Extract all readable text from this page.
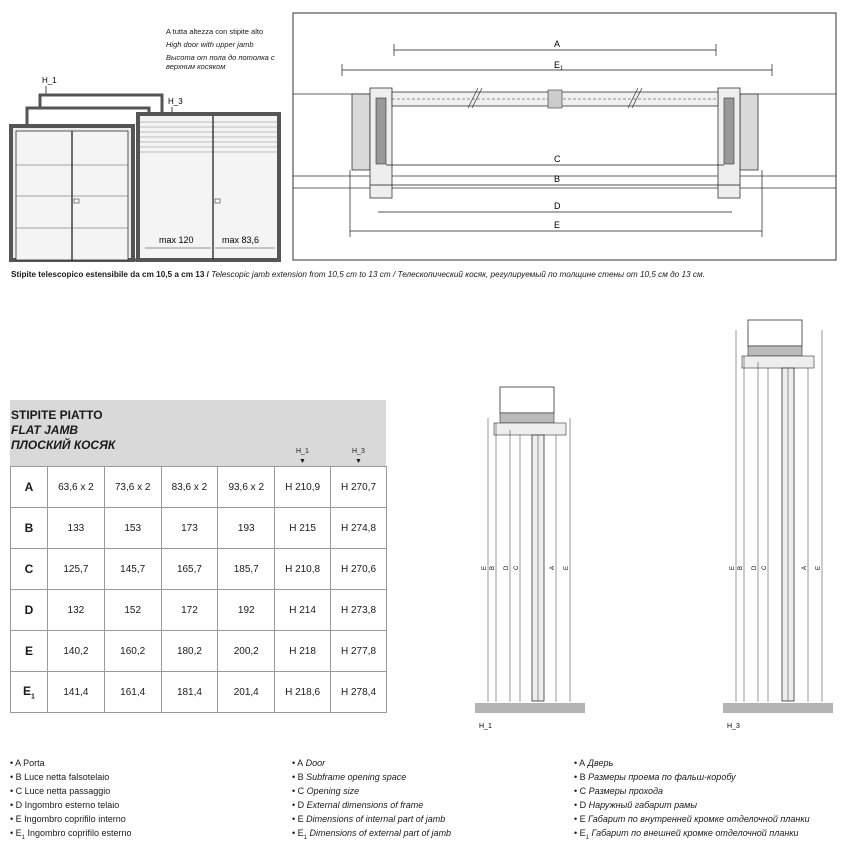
A tutta altezza con stipite alto
High door with upper jamb
Высота от пола до потолка с верхним косяком
H_1
H_3
max 120	max 83,6
A
$E_1$
C
B
D
E
Stipite telescopico estensibile da cm 10,5 a cm 13 / Telescopic jamb extension from 10,5 cm to 13 cm / Телескопический косяк, регулируемый по толщине стены от 10,5 см до 13 см.
STIPITE PIATTO
FLAT JAMB
ПЛОСКИЙ КОСЯК	H_1
▼
H_3
▼
A	63,6 x 2	73,6 x 2	83,6 x 2	93,6 x 2	H 210,9	H 270,7
B	133	153	173	193	H 215	H 274,8
C	125,7	145,7	165,7	185,7	H 210,8	H 270,6
D	132	152	172	192	H 214	H 273,8
E	140,2	160,2	180,2	200,2	H 218	H 277,8
$E_1$	141,4	161,4	181,4	201,4	H 218,6	H 278,4
H_1	H_3
E B D C	A E	E B D C	A E
• A Porta
• B Luce netta falsotelaio
• C Luce netta passaggio
• D Ingombro esterno telaio
• E Ingombro coprifilo interno
• $E_1$ Ingombro coprifilo esterno
• A Door
• B Subframe opening space
• C Opening size
• D External dimensions of frame
• E Dimensions of internal part of jamb
• $E_1$ Dimensions of external part of jamb
• A Дверь
• B Размеры проема по фальш-коробу
• C Размеры прохода
• D Наружный габарит рамы
• E Габарит по внутренней кромке отделочной планки
• $E_1$ Габарит по внешней кромке отделочной планки
